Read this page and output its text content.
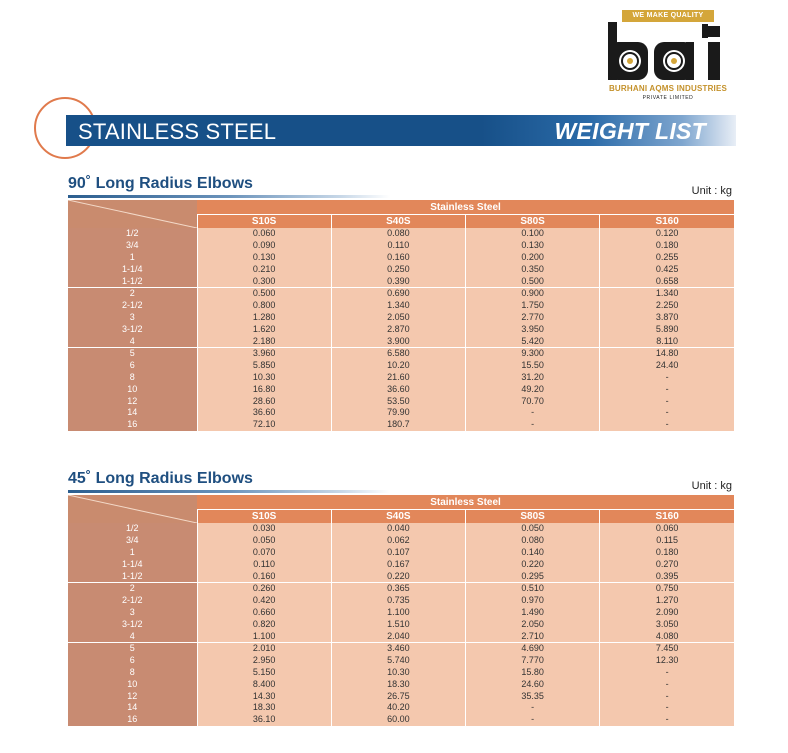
WE MAKE QUALITY
BURHANI AQMS INDUSTRIES
PRIVATE LIMITED
STAINLESS STEEL	WEIGHT LIST
90˚ Long Radius Elbows	Unit : kg
	Stainless Steel			
	S10S	S40S	S80S	S160
1/2	0.060	0.080	0.100	0.120
3/4	0.090	0.110	0.130	0.180
1	0.130	0.160	0.200	0.255
1-1/4	0.210	0.250	0.350	0.425
1-1/2	0.300	0.390	0.500	0.658
2	0.500	0.690	0.900	1.340
2-1/2	0.800	1.340	1.750	2.250
3	1.280	2.050	2.770	3.870
3-1/2	1.620	2.870	3.950	5.890
4	2.180	3.900	5.420	8.110
5	3.960	6.580	9.300	14.80
6	5.850	10.20	15.50	24.40
8	10.30	21.60	31.20	-
10	16.80	36.60	49.20	-
12	28.60	53.50	70.70	-
14	36.60	79.90	-	-
16	72.10	180.7	-	-
45˚ Long Radius Elbows	Unit : kg
	Stainless Steel			
	S10S	S40S	S80S	S160
1/2	0.030	0.040	0.050	0.060
3/4	0.050	0.062	0.080	0.115
1	0.070	0.107	0.140	0.180
1-1/4	0.110	0.167	0.220	0.270
1-1/2	0.160	0.220	0.295	0.395
2	0.260	0.365	0.510	0.750
2-1/2	0.420	0.735	0.970	1.270
3	0.660	1.100	1.490	2.090
3-1/2	0.820	1.510	2.050	3.050
4	1.100	2.040	2.710	4.080
5	2.010	3.460	4.690	7.450
6	2.950	5.740	7.770	12.30
8	5.150	10.30	15.80	-
10	8.400	18.30	24.60	-
12	14.30	26.75	35.35	-
14	18.30	40.20	-	-
16	36.10	60.00	-	-
